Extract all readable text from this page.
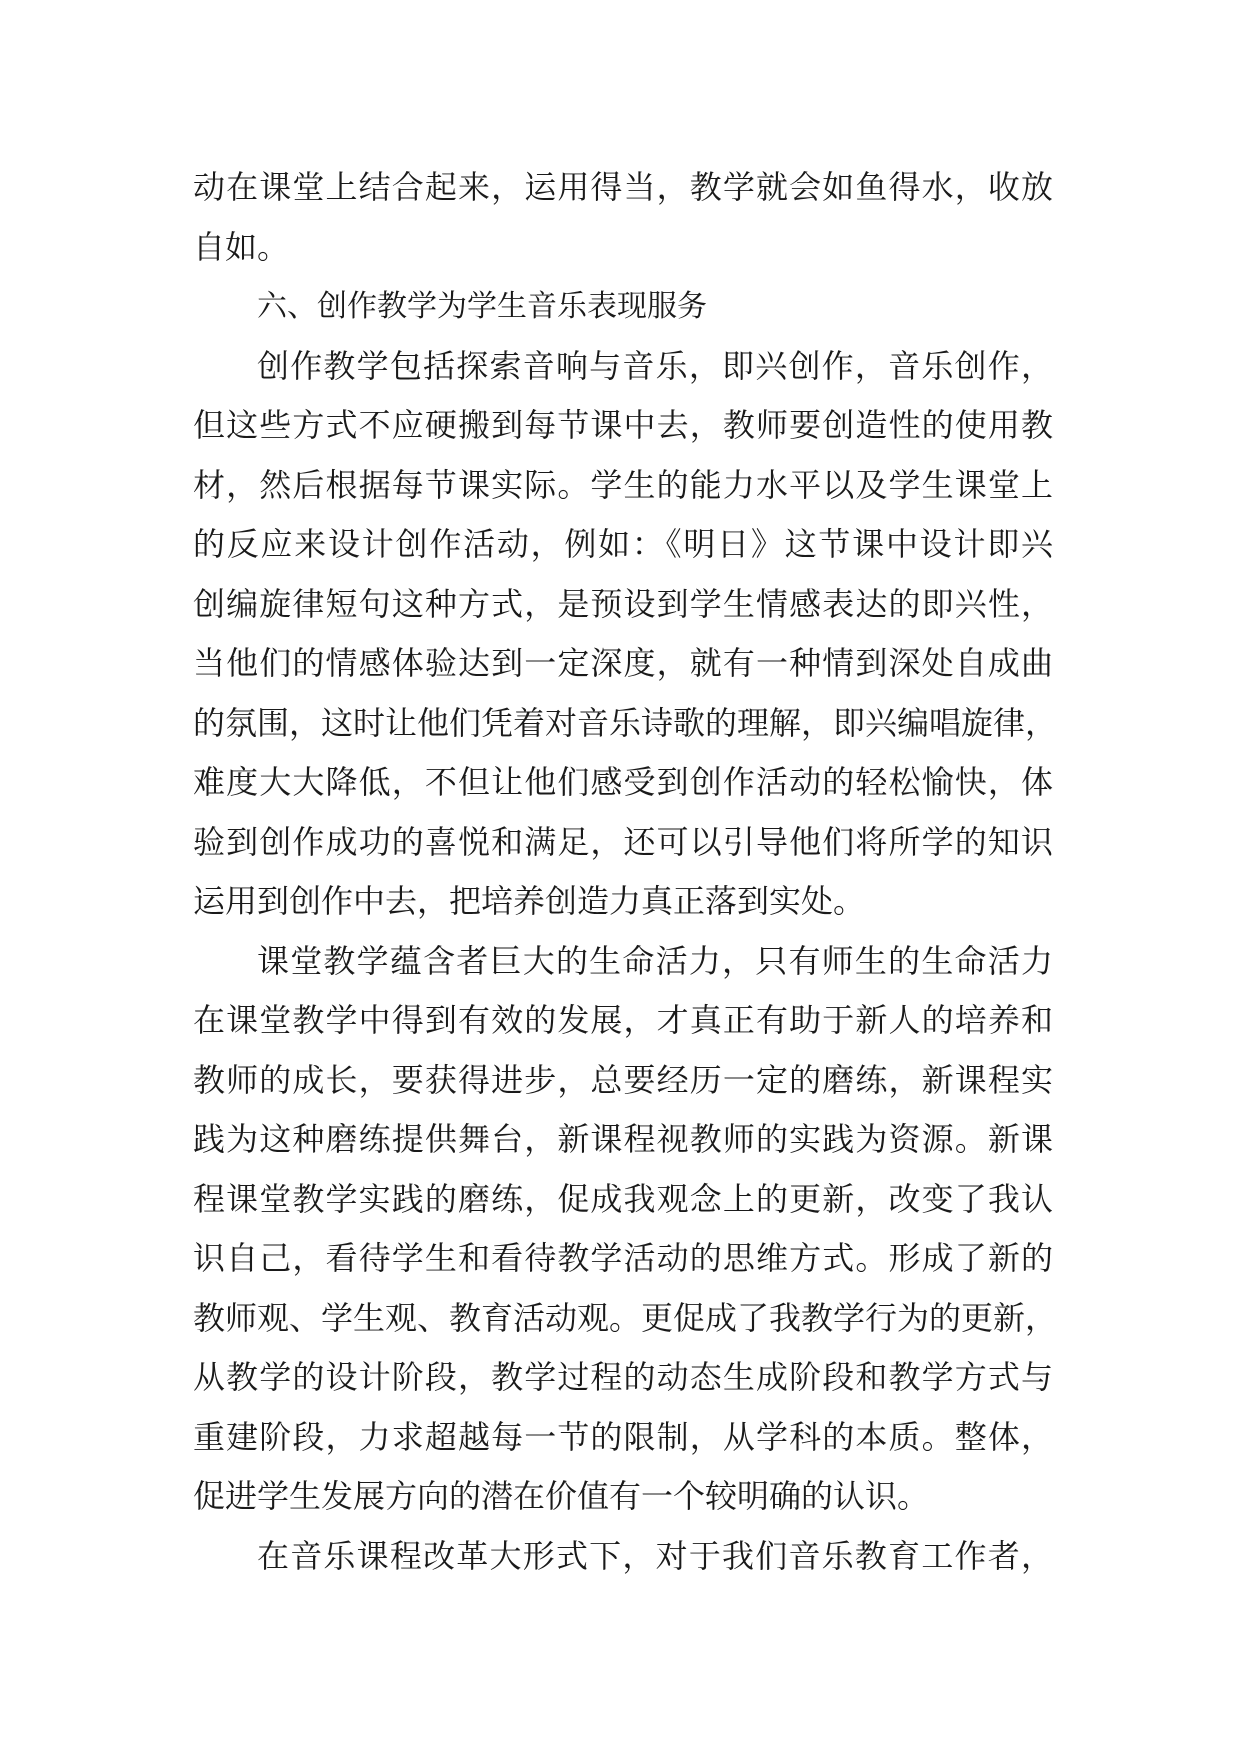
动在课堂上结合起来，运用得当，教学就会如鱼得水，收放
自如。
六、创作教学为学生音乐表现服务
创作教学包括探索音响与音乐，即兴创作，音乐创作，
但这些方式不应硬搬到每节课中去，教师要创造性的使用教
材，然后根据每节课实际。学生的能力水平以及学生课堂上
的反应来设计创作活动，例如：《明日》这节课中设计即兴
创编旋律短句这种方式，是预设到学生情感表达的即兴性，
当他们的情感体验达到一定深度，就有一种情到深处自成曲
的氛围，这时让他们凭着对音乐诗歌的理解，即兴编唱旋律，
难度大大降低，不但让他们感受到创作活动的轻松愉快，体
验到创作成功的喜悦和满足，还可以引导他们将所学的知识
运用到创作中去，把培养创造力真正落到实处。
课堂教学蕴含者巨大的生命活力，只有师生的生命活力
在课堂教学中得到有效的发展，才真正有助于新人的培养和
教师的成长，要获得进步，总要经历一定的磨练，新课程实
践为这种磨练提供舞台，新课程视教师的实践为资源。新课
程课堂教学实践的磨练，促成我观念上的更新，改变了我认
识自己，看待学生和看待教学活动的思维方式。形成了新的
教师观、学生观、教育活动观。更促成了我教学行为的更新，
从教学的设计阶段，教学过程的动态生成阶段和教学方式与
重建阶段，力求超越每一节的限制，从学科的本质。整体，
促进学生发展方向的潜在价值有一个较明确的认识。
在音乐课程改革大形式下，对于我们音乐教育工作者，
